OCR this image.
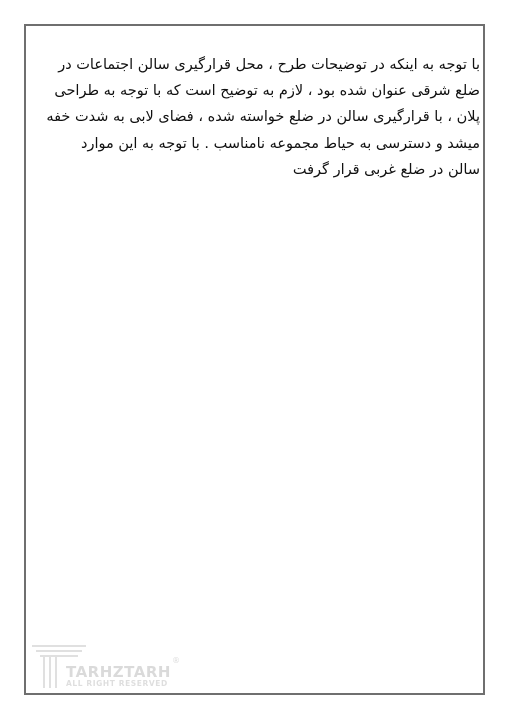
با توجه به اینکه در توضیحات طرح ، محل قرارگیری سالن اجتماعات در
ضلع شرقی عنوان شده بود ، لازم به توضیح است که با توجه به طراحی
پلان ، با قرارگیری سالن در ضلع خواسته شده ، فضای لابی به شدت خفه
میشد و دسترسی به حیاط مجموعه نامناسب . با توجه به این موارد
سالن در ضلع غربی قرار گرفت
TARHZTARH
®
ALL RIGHT RESERVED
